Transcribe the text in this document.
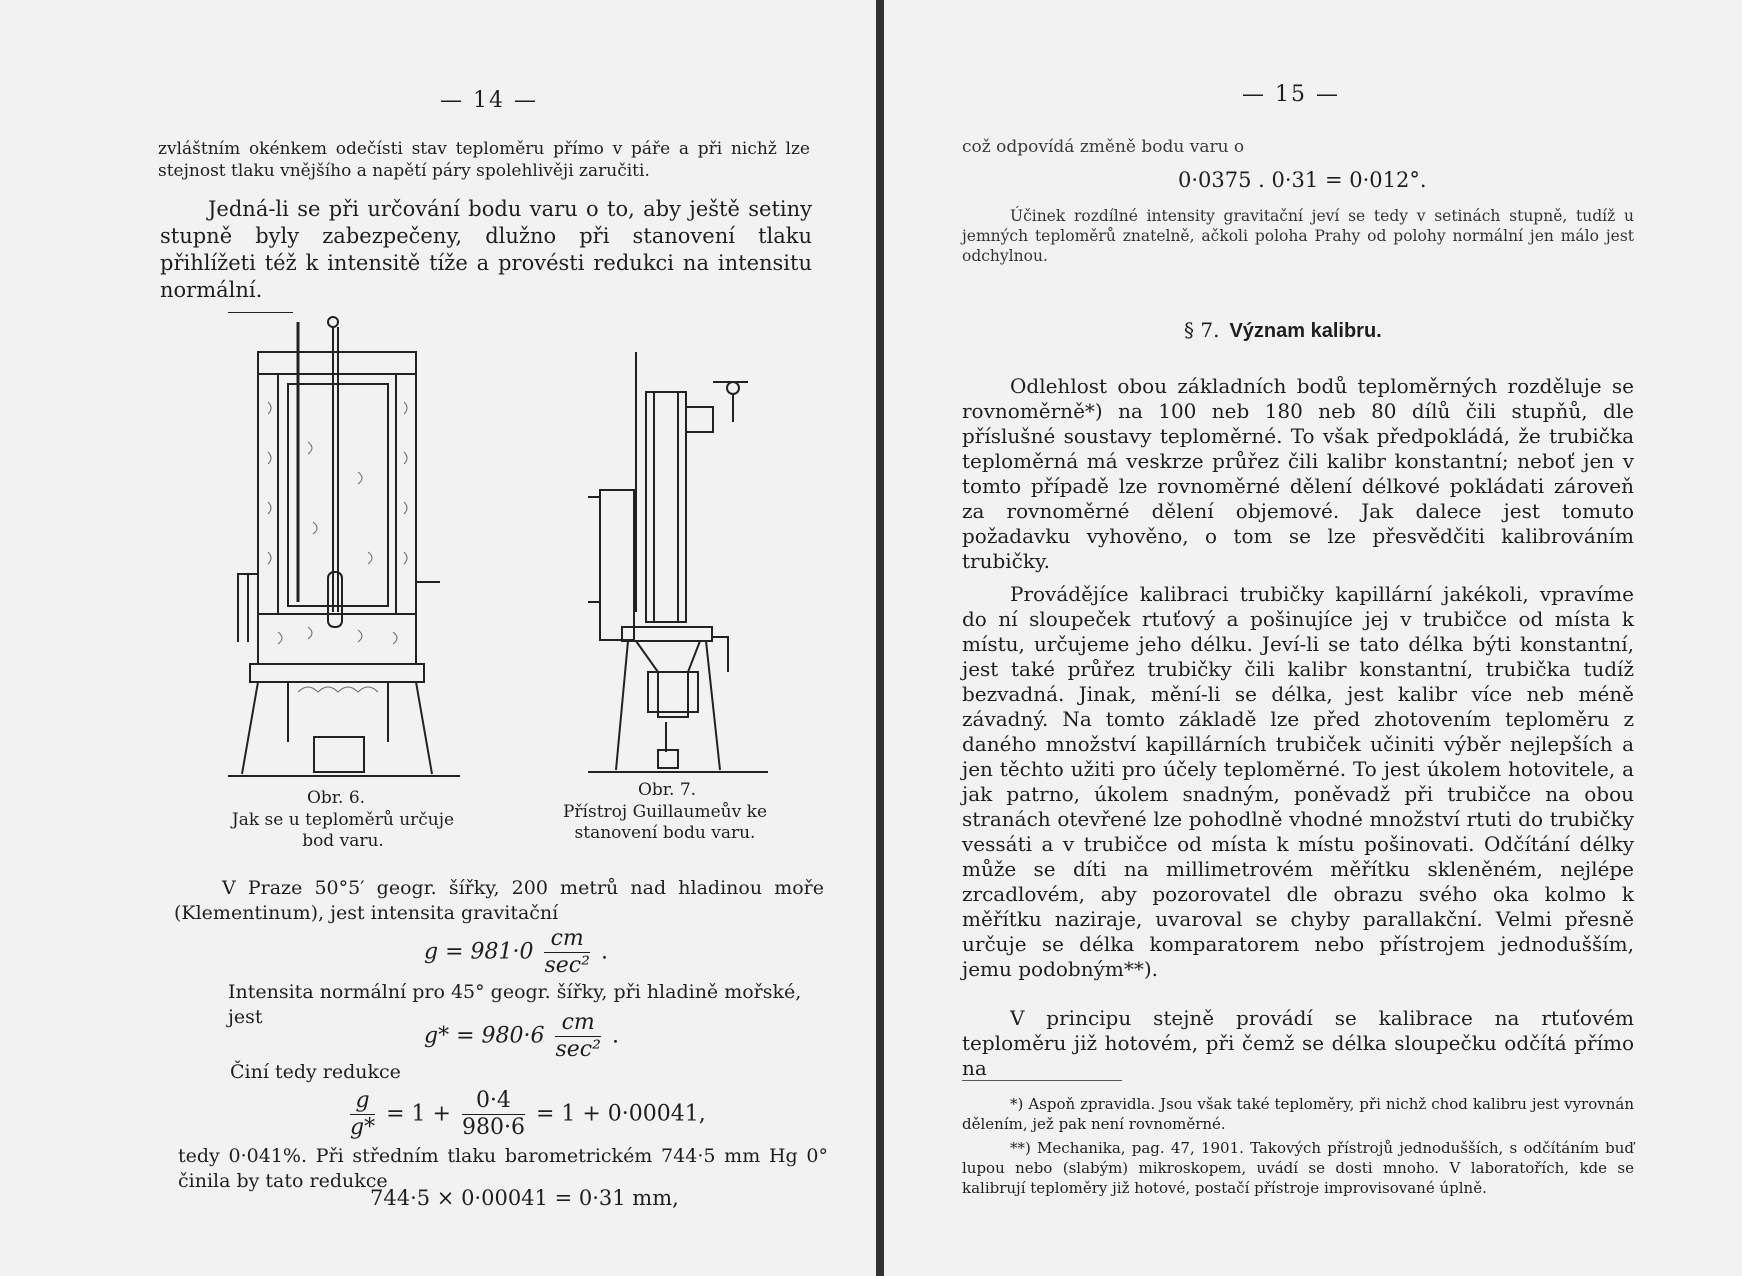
— 14 —
zvláštním okénkem odečísti stav teploměru přímo v páře a při nichž lze stejnost tlaku vnějšího a napětí páry spolehlivěji zaručiti.
Jedná-li se při určování bodu varu o to, aby ještě setiny stupně byly zabezpečeny, dlužno při stanovení tlaku přihlížeti též k intensitě tíže a provésti redukci na intensitu normální.
Obr. 6.
Jak se u teploměrů určuje bod varu.
Obr. 7.
Přístroj Guillaumeův ke stanovení bodu varu.
V Praze 50°5′ geogr. šířky, 200 metrů nad hladinou moře (Klementinum), jest intensita gravitační
$g = 981\cdot 0 \frac{cm}{\text{sec²}}$ .
Intensita normální pro 45° geogr. šířky, při hladině mořské, jest
$g* = 980\cdot 6 \frac{cm}{\text{sec²}}$ .
Činí tedy redukce
$\frac{g}{g*} = 1 + \frac{0\cdot 4}{980\cdot 6} = 1 + 0\cdot 00041$,
tedy 0·041%. Při středním tlaku barometrickém 744·5 mm Hg 0° činila by tato redukce
744·5 × 0·00041 = 0·31 mm,
— 15 —
což odpovídá změně bodu varu o
0·0375 . 0·31 = 0·012°.
Účinek rozdílné intensity gravitační jeví se tedy v setinách stupně, tudíž u jemných teploměrů znatelně, ačkoli poloha Prahy od polohy normální jen málo jest odchylnou.
§ 7. Význam kalibru.
Odlehlost obou základních bodů teploměrných rozděluje se rovnoměrně*) na 100 neb 180 neb 80 dílů čili stupňů, dle příslušné soustavy teploměrné. To však předpokládá, že trubička teploměrná má veskrze průřez čili kalibr konstantní; neboť jen v tomto případě lze rovnoměrné dělení délkové pokládati zároveň za rovnoměrné dělení objemové. Jak dalece jest tomuto požadavku vyhověno, o tom se lze přesvědčiti kalibrováním trubičky.
Provádějíce kalibraci trubičky kapillární jakékoli, vpravíme do ní sloupeček rtuťový a pošinujíce jej v trubičce od místa k místu, určujeme jeho délku. Jeví-li se tato délka býti konstantní, jest také průřez trubičky čili kalibr konstantní, trubička tudíž bezvadná. Jinak, mění-li se délka, jest kalibr více neb méně závadný. Na tomto základě lze před zhotovením teploměru z daného množství kapillárních trubiček učiniti výběr nejlepších a jen těchto užiti pro účely teploměrné. To jest úkolem hotovitele, a jak patrno, úkolem snadným, poněvadž při trubičce na obou stranách otevřené lze pohodlně vhodné množství rtuti do trubičky vessáti a v trubičce od místa k místu pošinovati. Odčítání délky může se díti na millimetrovém měřítku skleněném, nejlépe zrcadlovém, aby pozorovatel dle obrazu svého oka kolmo k měřítku naziraje, uvaroval se chyby parallakční. Velmi přesně určuje se délka komparatorem nebo přístrojem jednodušším, jemu podobným**).
V principu stejně provádí se kalibrace na rtuťovém teploměru již hotovém, při čemž se délka sloupečku odčítá přímo na
*) Aspoň zpravidla. Jsou však také teploměry, při nichž chod kalibru jest vyrovnán dělením, jež pak není rovnoměrné.
**) Mechanika, pag. 47, 1901. Takových přístrojů jednodušších, s odčítáním buď lupou nebo (slabým) mikroskopem, uvádí se dosti mnoho. V laboratořích, kde se kalibrují teploměry již hotové, postačí přístroje improvisované úplně.
